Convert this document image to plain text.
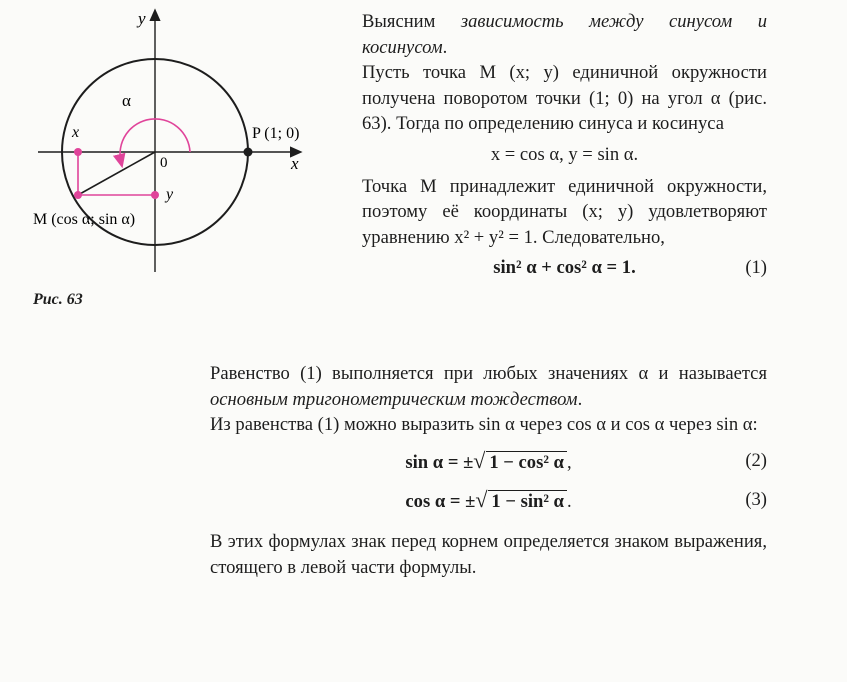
y
x
0
α
P (1; 0)
M (cos α; sin α)
x
y
Рис. 63

Выясним зависимость между синусом и косинусом.

Пусть точка M (x; y) единичной окружности получена поворотом точки (1; 0) на угол α (рис. 63). Тогда по определению синуса и косинуса

x = cos α, y = sin α.

Точка M принадлежит единичной окружности, поэтому её координаты (x; y) удовлетворяют уравнению x² + y² = 1. Следовательно,

sin² α + cos² α = 1.	(1)

Равенство (1) выполняется при любых значениях α и называется основным тригонометрическим тождеством.

Из равенства (1) можно выразить sin α через cos α и cos α через sin α:

sin α = ±√ 1 − cos² α ,	(2)
cos α = ±√ 1 − sin² α .	(3)

В этих формулах знак перед корнем определяется знаком выражения, стоящего в левой части формулы.
